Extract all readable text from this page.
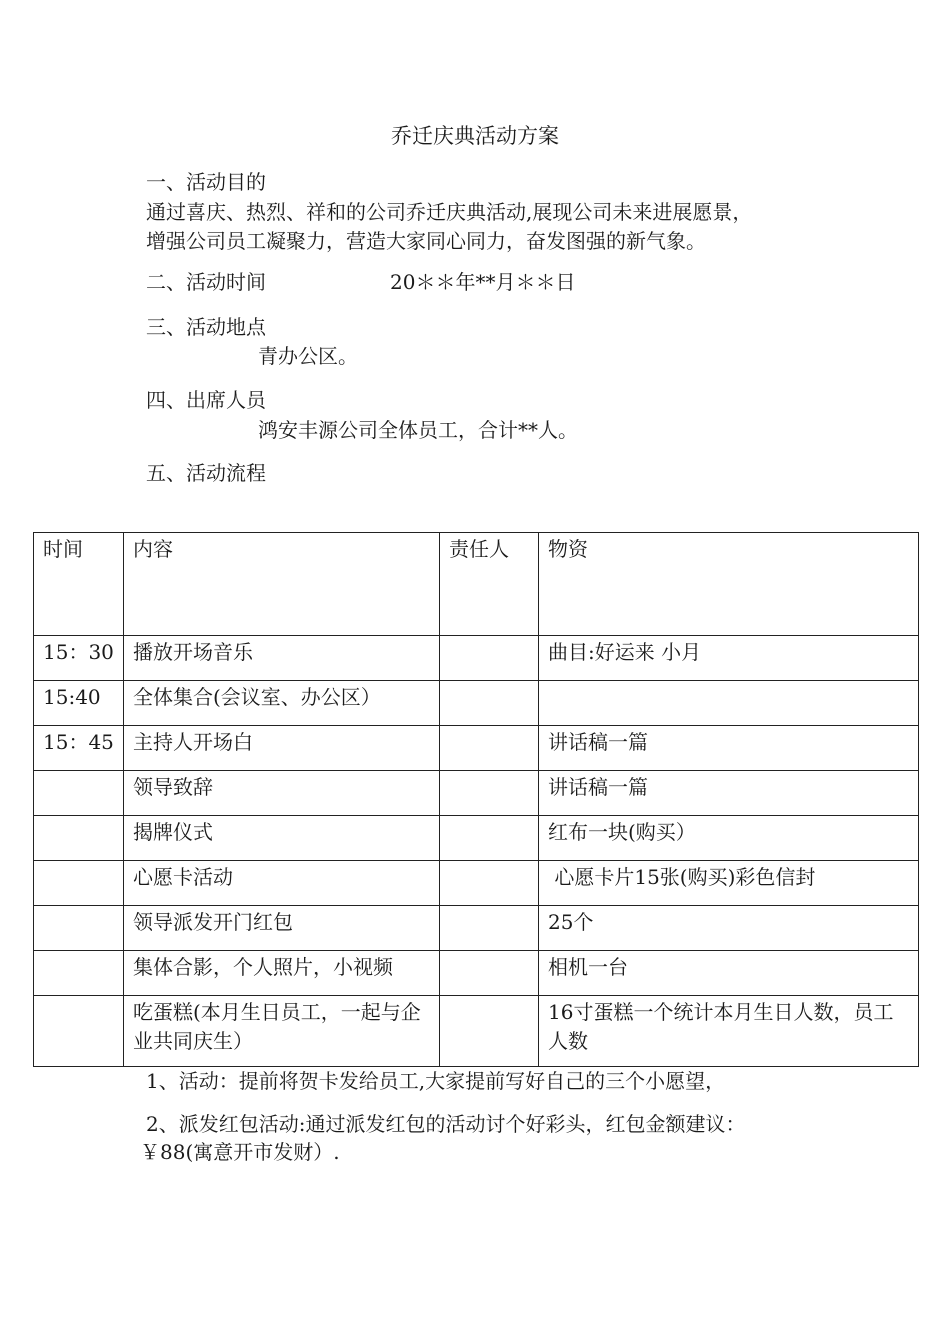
乔迁庆典活动方案
一、活动目的
通过喜庆、热烈、祥和的公司乔迁庆典活动,展现公司未来进展愿景，
增强公司员工凝聚力，营造大家同心同力，奋发图强的新气象。
二、活动时间	20＊＊年**月＊＊日
三、活动地点
青办公区。
四、出席人员
鸿安丰源公司全体员工，合计**人。
五、活动流程
时间	内容	责任人	物资
15：30	播放开场音乐		曲目:好运来 小月
15:40	全体集合(会议室、办公区）		
15：45	主持人开场白		讲话稿一篇
	领导致辞		讲话稿一篇
	揭牌仪式		红布一块(购买）
	心愿卡活动		心愿卡片15张(购买)彩色信封
	领导派发开门红包		25个
	集体合影，个人照片，小视频		相机一台
	吃蛋糕(本月生日员工，一起与企业共同庆生）		16寸蛋糕一个统计本月生日人数，员工人数
1、活动：提前将贺卡发给员工,大家提前写好自己的三个小愿望，
2、派发红包活动:通过派发红包的活动讨个好彩头，红包金额建议：
￥88(寓意开市发财）.
